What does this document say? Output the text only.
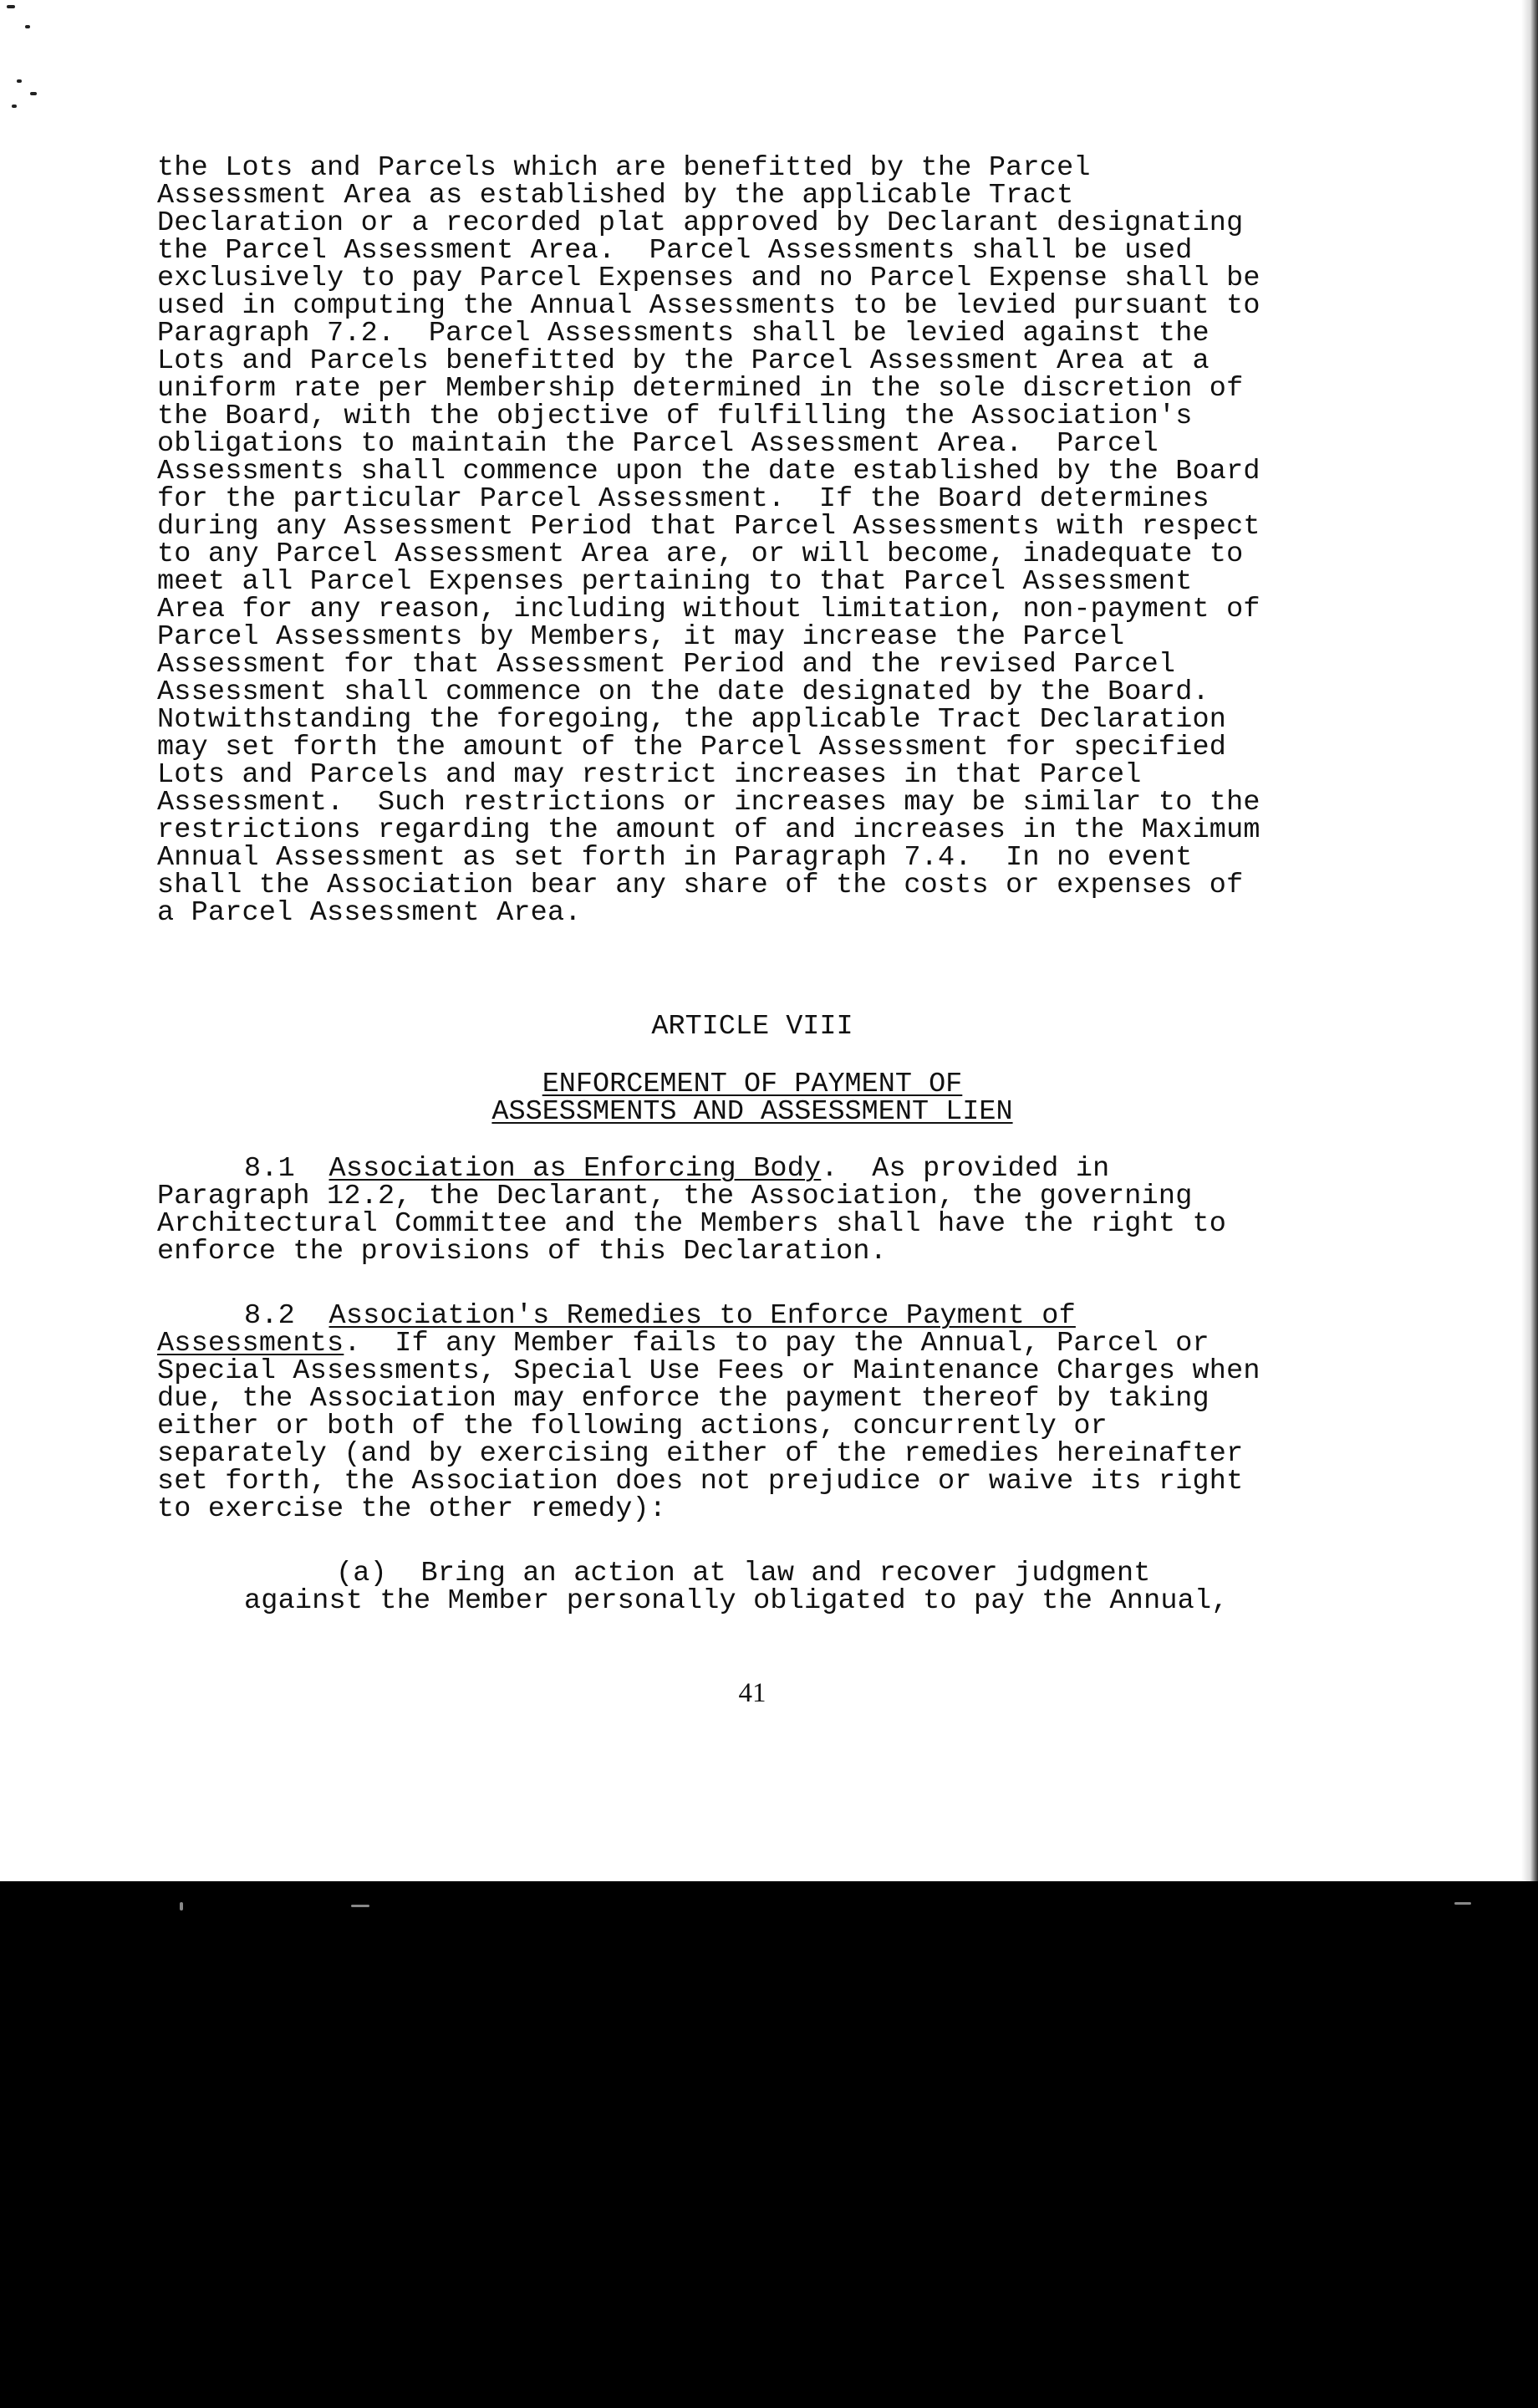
the Lots and Parcels which are benefitted by the Parcel
Assessment Area as established by the applicable Tract
Declaration or a recorded plat approved by Declarant designating
the Parcel Assessment Area.  Parcel Assessments shall be used
exclusively to pay Parcel Expenses and no Parcel Expense shall be
used in computing the Annual Assessments to be levied pursuant to
Paragraph 7.2.  Parcel Assessments shall be levied against the
Lots and Parcels benefitted by the Parcel Assessment Area at a
uniform rate per Membership determined in the sole discretion of
the Board, with the objective of fulfilling the Association's
obligations to maintain the Parcel Assessment Area.  Parcel
Assessments shall commence upon the date established by the Board
for the particular Parcel Assessment.  If the Board determines
during any Assessment Period that Parcel Assessments with respect
to any Parcel Assessment Area are, or will become, inadequate to
meet all Parcel Expenses pertaining to that Parcel Assessment
Area for any reason, including without limitation, non-payment of
Parcel Assessments by Members, it may increase the Parcel
Assessment for that Assessment Period and the revised Parcel
Assessment shall commence on the date designated by the Board.
Notwithstanding the foregoing, the applicable Tract Declaration
may set forth the amount of the Parcel Assessment for specified
Lots and Parcels and may restrict increases in that Parcel
Assessment.  Such restrictions or increases may be similar to the
restrictions regarding the amount of and increases in the Maximum
Annual Assessment as set forth in Paragraph 7.4.  In no event
shall the Association bear any share of the costs or expenses of
a Parcel Assessment Area.
ARTICLE VIII
ENFORCEMENT OF PAYMENT OF
ASSESSMENTS AND ASSESSMENT LIEN
8.1 Association as Enforcing Body.  As provided in
Paragraph 12.2, the Declarant, the Association, the governing
Architectural Committee and the Members shall have the right to
enforce the provisions of this Declaration.
8.2 Association's Remedies to Enforce Payment of
Assessments.  If any Member fails to pay the Annual, Parcel or
Special Assessments, Special Use Fees or Maintenance Charges when
due, the Association may enforce the payment thereof by taking
either or both of the following actions, concurrently or
separately (and by exercising either of the remedies hereinafter
set forth, the Association does not prejudice or waive its right
to exercise the other remedy):
(a)  Bring an action at law and recover judgment
against the Member personally obligated to pay the Annual,
41
